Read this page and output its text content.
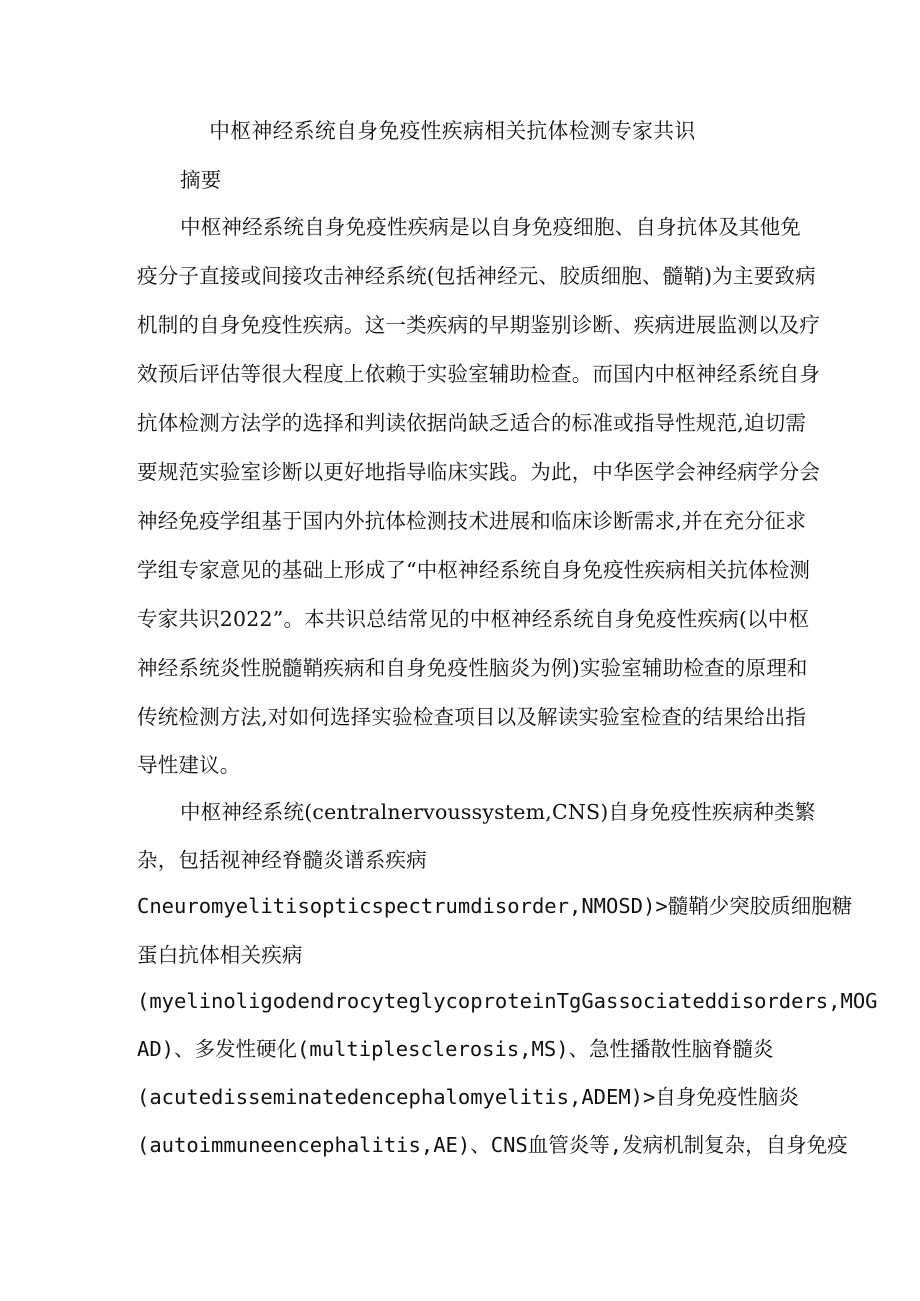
中枢神经系统自身免疫性疾病相关抗体检测专家共识
摘要
中枢神经系统自身免疫性疾病是以自身免疫细胞、自身抗体及其他免
疫分子直接或间接攻击神经系统(包括神经元、胶质细胞、髓鞘)为主要致病
机制的自身免疫性疾病。这一类疾病的早期鉴别诊断、疾病进展监测以及疗
效预后评估等很大程度上依赖于实验室辅助检查。而国内中枢神经系统自身
抗体检测方法学的选择和判读依据尚缺乏适合的标准或指导性规范,迫切需
要规范实验室诊断以更好地指导临床实践。为此，中华医学会神经病学分会
神经免疫学组基于国内外抗体检测技术进展和临床诊断需求,并在充分征求
学组专家意见的基础上形成了“中枢神经系统自身免疫性疾病相关抗体检测
专家共识2022”。本共识总结常见的中枢神经系统自身免疫性疾病(以中枢
神经系统炎性脱髓鞘疾病和自身免疫性脑炎为例)实验室辅助检查的原理和
传统检测方法,对如何选择实验检查项目以及解读实验室检查的结果给出指
导性建议。
中枢神经系统(centralnervoussystem,CNS)自身免疫性疾病种类繁
杂，包括视神经脊髓炎谱系疾病
Cneuromyelitisopticspectrumdisorder,NMOSD)>髓鞘少突胶质细胞糖
蛋白抗体相关疾病
(myelinoligodendrocyteglycoproteinTgGassociateddisorders,MOG
AD)、多发性硬化(multiplesclerosis,MS)、急性播散性脑脊髓炎
(acutedisseminatedencephalomyelitis,ADEM)>自身免疫性脑炎
(autoimmuneencephalitis,AE)、CNS血管炎等,发病机制复杂，自身免疫
